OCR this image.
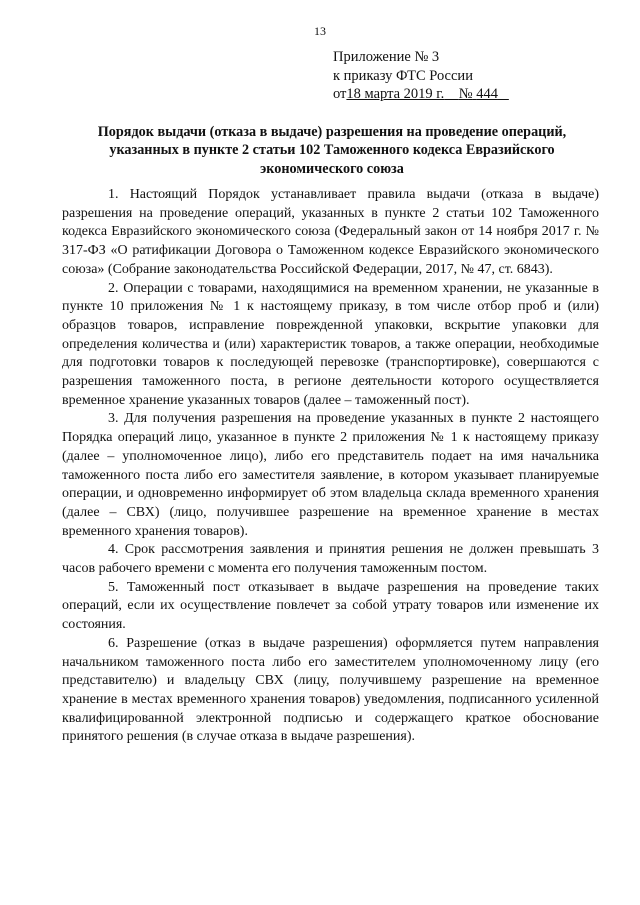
13
Приложение № 3
к приказу ФТС России
от18 марта 2019 г. № 444
Порядок выдачи (отказа в выдаче) разрешения на проведение операций, указанных в пункте 2 статьи 102 Таможенного кодекса Евразийского экономического союза

1. Настоящий Порядок устанавливает правила выдачи (отказа в выдаче) разрешения на проведение операций, указанных в пункте 2 статьи 102 Таможенного кодекса Евразийского экономического союза (Федеральный закон от 14 ноября 2017 г. № 317-ФЗ «О ратификации Договора о Таможенном кодексе Евразийского экономического союза» (Собрание законодательства Российской Федерации, 2017, № 47, ст. 6843).

2. Операции с товарами, находящимися на временном хранении, не указанные в пункте 10 приложения № 1 к настоящему приказу, в том числе отбор проб и (или) образцов товаров, исправление поврежденной упаковки, вскрытие упаковки для определения количества и (или) характеристик товаров, а также операции, необходимые для подготовки товаров к последующей перевозке (транспортировке), совершаются с разрешения таможенного поста, в регионе деятельности которого осуществляется временное хранение указанных товаров (далее – таможенный пост).

3. Для получения разрешения на проведение указанных в пункте 2 настоящего Порядка операций лицо, указанное в пункте 2 приложения № 1 к настоящему приказу (далее – уполномоченное лицо), либо его представитель подает на имя начальника таможенного поста либо его заместителя заявление, в котором указывает планируемые операции, и одновременно информирует об этом владельца склада временного хранения (далее – СВХ) (лицо, получившее разрешение на временное хранение в местах временного хранения товаров).

4. Срок рассмотрения заявления и принятия решения не должен превышать 3 часов рабочего времени с момента его получения таможенным постом.

5. Таможенный пост отказывает в выдаче разрешения на проведение таких операций, если их осуществление повлечет за собой утрату товаров или изменение их состояния.

6. Разрешение (отказ в выдаче разрешения) оформляется путем направления начальником таможенного поста либо его заместителем уполномоченному лицу (его представителю) и владельцу СВХ (лицу, получившему разрешение на временное хранение в местах временного хранения товаров) уведомления, подписанного усиленной квалифицированной электронной подписью и содержащего краткое обоснование принятого решения (в случае отказа в выдаче разрешения).
